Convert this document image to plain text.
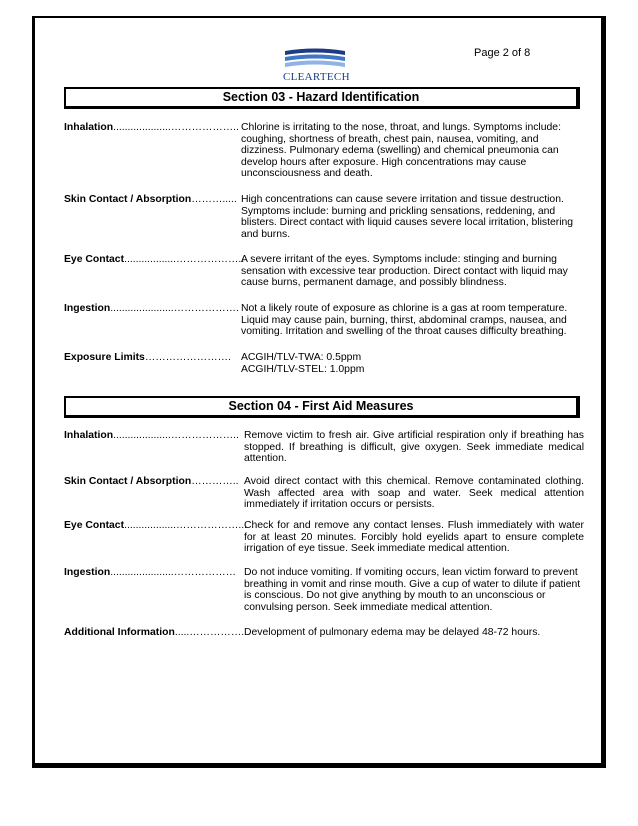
Page 2 of 8
CLEARTECH
Section 03 - Hazard Identification
Inhalation....................……………….. Chlorine is irritating to the nose, throat, and lungs. Symptoms include: coughing, shortness of breath, chest pain, nausea, vomiting, and dizziness. Pulmonary edema (swelling) and chemical pneumonia can develop hours after exposure. High concentrations may cause unconsciousness and death.
Skin Contact / Absorption………..... High concentrations can cause severe irritation and tissue destruction. Symptoms include: burning and prickling sensations, reddening, and blisters. Direct contact with liquid causes severe local irritation, blistering and burns.
Eye Contact..................………………..
A severe irritant of the eyes. Symptoms include: stinging and burning sensation with excessive tear production. Direct contact with liquid may cause burns, permanent damage, and possibly blindness.
Ingestion......................………………. Not a likely route of exposure as chlorine is a gas at room temperature. Liquid may cause pain, burning, thirst, abdominal cramps, nausea, and vomiting. Irritation and swelling of the throat causes difficulty breathing.
Exposure Limits……………………. ACGIH/TLV-TWA: 0.5ppm
ACGIH/TLV-STEL: 1.0ppm
Section 04 - First Aid Measures
Inhalation....................……………….. Remove victim to fresh air. Give artificial respiration only if breathing has stopped. If breathing is difficult, give oxygen. Seek immediate medical attention.
Skin Contact / Absorption………….. Avoid direct contact with this chemical. Remove contaminated clothing. Wash affected area with soap and water. Seek medical attention immediately if irritation occurs or persists.
Eye Contact..................………………...
Check for and remove any contact lenses. Flush immediately with water for at least 20 minutes. Forcibly hold eyelids apart to ensure complete irrigation of eye tissue. Seek immediate medical attention.
Ingestion......................……………… Do not induce vomiting. If vomiting occurs, lean victim forward to prevent breathing in vomit and rinse mouth. Give a cup of water to dilute if patient is conscious. Do not give anything by mouth to an unconscious or convulsing person. Seek immediate medical attention.
Additional Information.....……………..
Development of pulmonary edema may be delayed 48-72 hours.
